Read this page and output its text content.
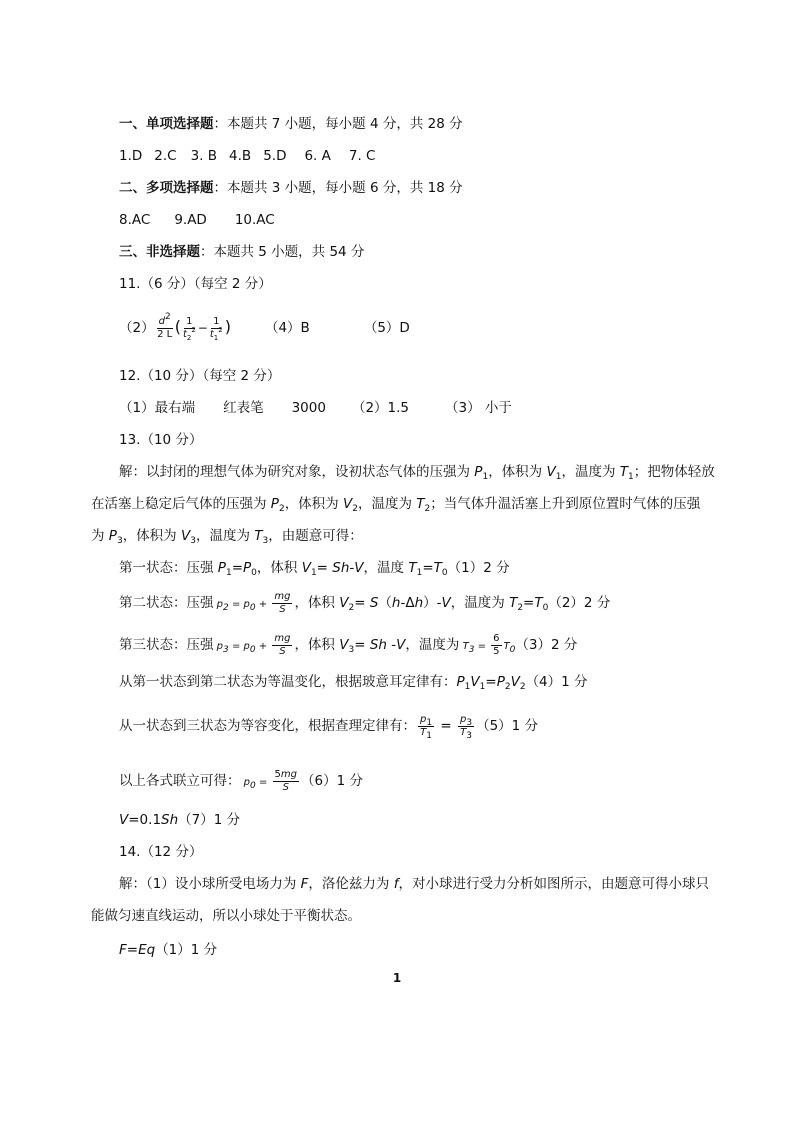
一、单项选择题：本题共 7 小题，每小题 4 分，共 28 分
1.D 2.C 3. B 4.B 5.D 6. A 7. C
二、多项选择题：本题共 3 小题，每小题 6 分，共 18 分
8.AC 9.AD 10.AC
三、非选择题：本题共 5 小题，共 54 分
11.（6 分）（每空 2 分）
$(2) \frac{d^2}{2 L}$ ( $\frac{1}{t_2^2} - \frac{1}{t_1^2}$ )	（4）B	（5）D
12.（10 分）（每空 2 分）
（1）最右端 红表笔 3000 （2）1.5	（3） 小于
13.（10 分）
解：以封闭的理想气体为研究对象，设初状态气体的压强为 $P_1$，体积为 $V_1$，温度为 $T_1$；把物体轻放
在活塞上稳定后气体的压强为 $P_2$，体积为 $V_2$，温度为 $T_2$；当气体升温活塞上升到原位置时气体的压强
为 $P_3$，体积为 $V_3$，温度为 $T_3$，由题意可得：
第一状态：压强 $P_1=P_0$，体积 $V_1= Sh-V$，温度 $T_1=T_0(1)2$ 分
第二状态：压强 $p_2 = p_0 + \frac{mg}{S}$ ，体积 $V_2= S(h-\Delta h)-V$，温度为 $T_2=T_0(2)2$ 分
第三状态：压强 $p_3 = p_0 + \frac{mg}{S}$ ，体积 $V_3= Sh$ -V，温度为 $T_3 = \frac{6}{5} T_0(3)2$ 分
从第一状态到第二状态为等温变化，根据玻意耳定律有：$P_1V_1=P_2V_2(4)1$ 分
从一状态到三状态为等容变化，根据查理定律有： $\frac{p_1}{T_1} = \frac{p_3}{T_3} (5)1$ 分
以上各式联立可得： $p_0 = \frac{5mg}{S} (6)1$ 分
V=0.1Sh（7）1 分
14.（12 分）
解：（1）设小球所受电场力为 F，洛伦兹力为 f，对小球进行受力分析如图所示，由题意可得小球只
能做匀速直线运动，所以小球处于平衡状态。
F=Eq（1）1 分
1
